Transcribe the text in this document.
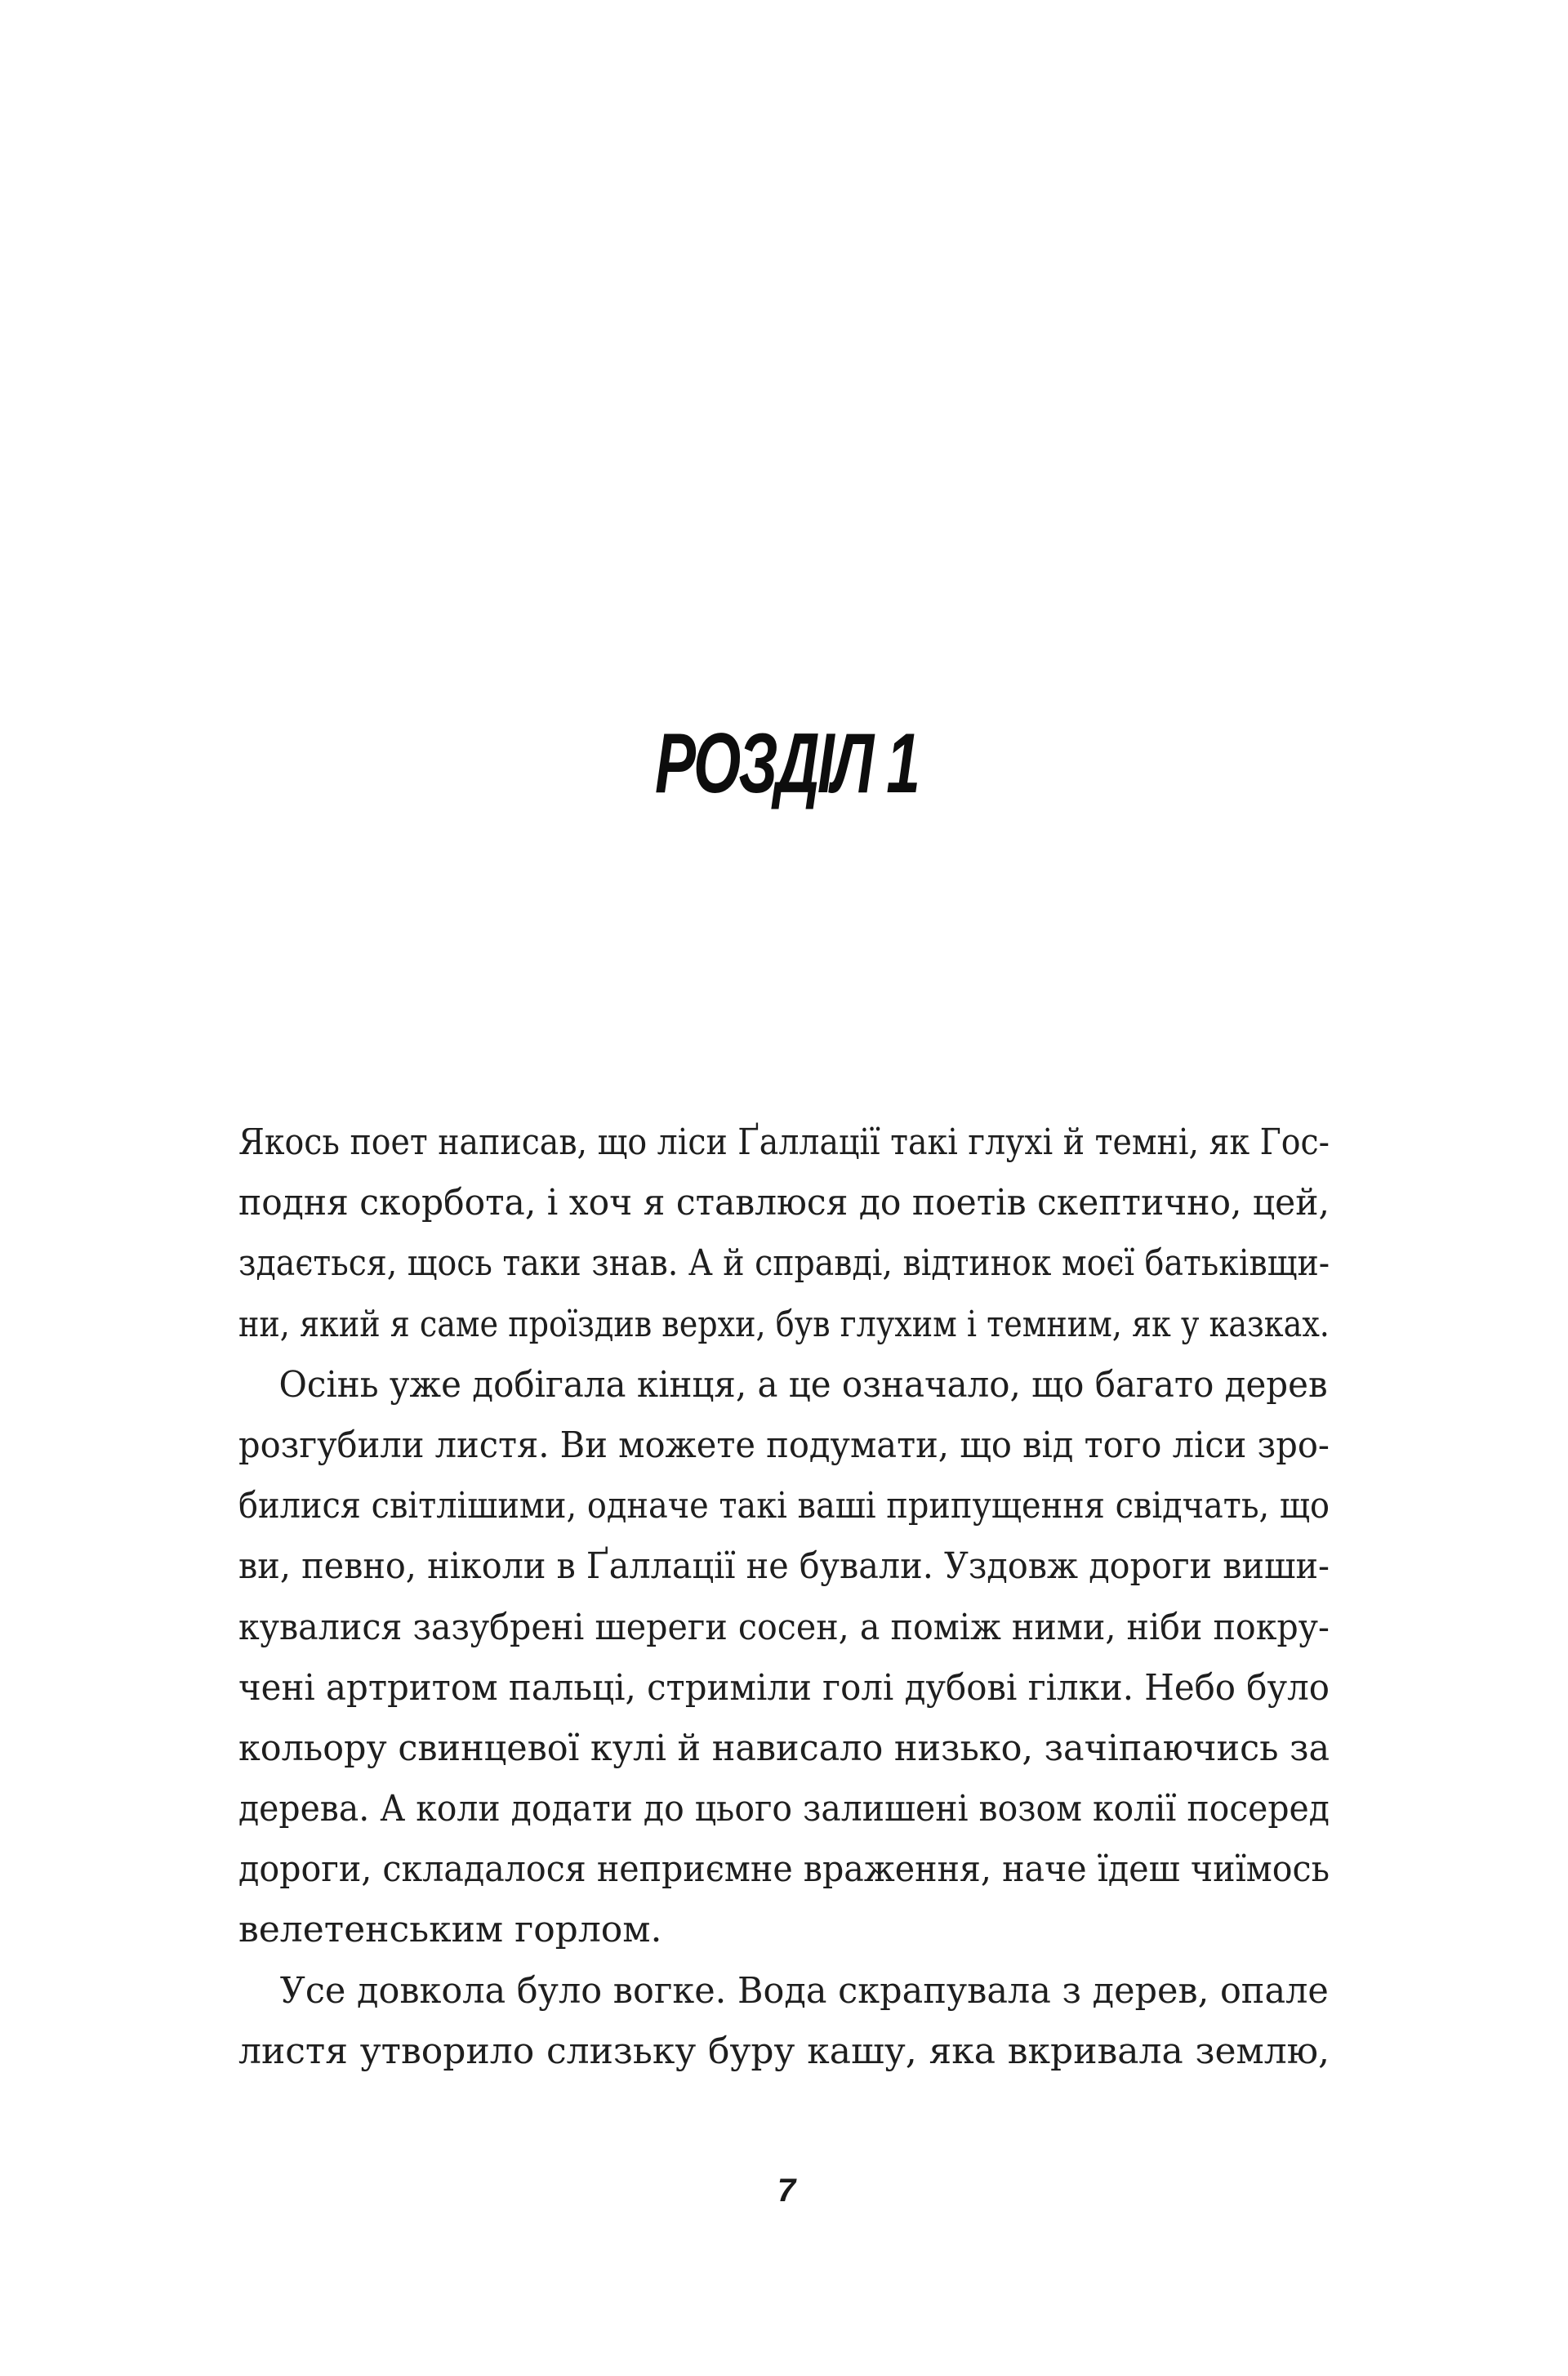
РОЗДІЛ 1
Якось поет написав, що ліси Ґаллації такі глухі й темні, як Гос-
подня скорбота, і хоч я ставлюся до поетів скептично, цей,
здається, щось таки знав. А й справді, відтинок моєї батьківщи-
ни, який я саме проїздив верхи, був глухим і темним, як у казках.
Осінь уже добігала кінця, а це означало, що багато дерев
розгубили листя. Ви можете подумати, що від того ліси зро-
билися світлішими, одначе такі ваші припущення свідчать, що
ви, певно, ніколи в Ґаллації не бували. Уздовж дороги виши-
кувалися зазубрені шереги сосен, а поміж ними, ніби покру-
чені артритом пальці, стриміли голі дубові гілки. Небо було
кольору свинцевої кулі й нависало низько, зачіпаючись за
дерева. А коли додати до цього залишені возом колії посеред
дороги, складалося неприємне враження, наче їдеш чиїмось
велетенським горлом.
Усе довкола було вогке. Вода скрапувала з дерев, опале
листя утворило слизьку буру кашу, яка вкривала землю,
7
